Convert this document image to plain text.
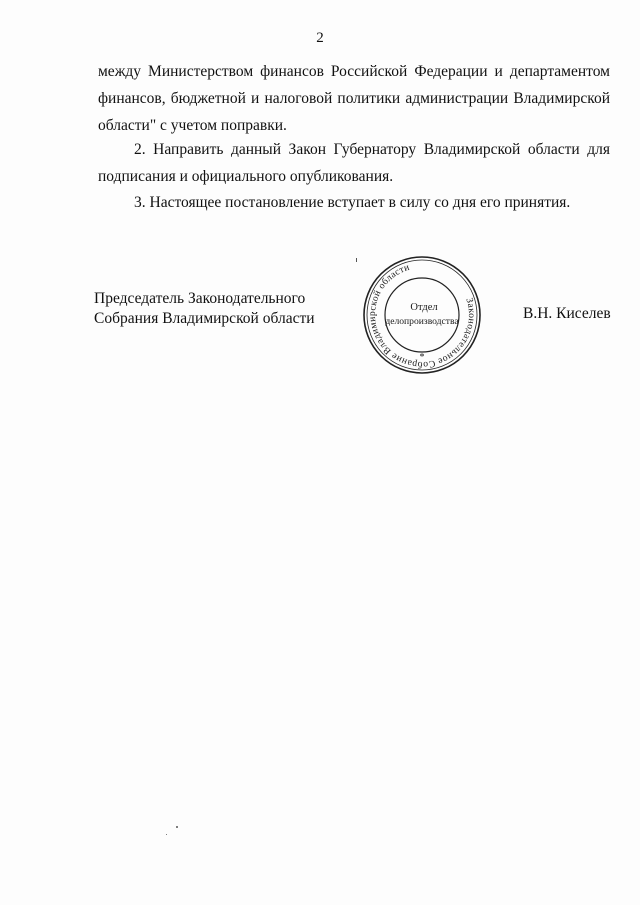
2

между Министерством финансов Российской Федерации и департаментом финансов, бюджетной и налоговой политики администрации Владимирской области" с учетом поправки.

2. Направить данный Закон Губернатору Владимирской области для подписания и официального опубликования.

3. Настоящее постановление вступает в силу со дня его принятия.

Председатель Законодательного
Собрания Владимирской области
Законодательное Собрание Владимирской области
*
Отдел
делопроизводства	В.Н. Киселев
